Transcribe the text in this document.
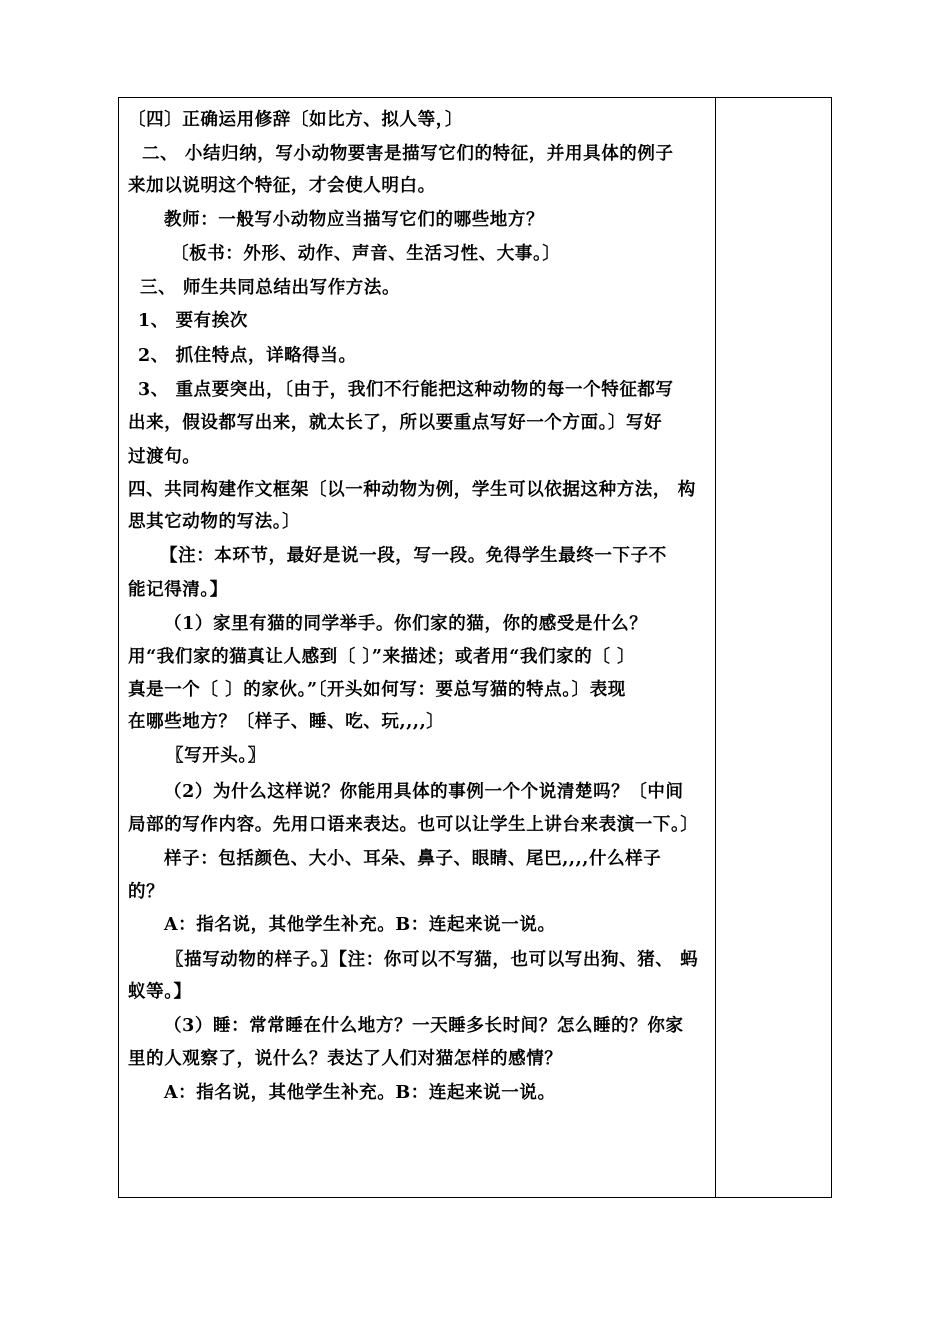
〔四〕正确运用修辞〔如比方、拟人等，〕
二、 小结归纳，写小动物要害是描写它们的特征，并用具体的例子
来加以说明这个特征，才会使人明白。
教师：一般写小动物应当描写它们的哪些地方？
〔板书：外形、动作、声音、生活习性、大事。〕
三、 师生共同总结出写作方法。
1、 要有挨次
2、 抓住特点，详略得当。
3、 重点要突出，〔由于，我们不行能把这种动物的每一个特征都写
出来，假设都写出来，就太长了，所以要重点写好一个方面。〕写好
过渡句。
四、共同构建作文框架〔以一种动物为例，学生可以依据这种方法， 构
思其它动物的写法。〕
【注：本环节，最好是说一段，写一段。免得学生最终一下子不
能记得清。】
（1）家里有猫的同学举手。你们家的猫，你的感受是什么？
用“我们家的猫真让人感到〔 〕”来描述；或者用“我们家的〔 〕
真是一个〔 〕的家伙。”〔开头如何写：要总写猫的特点。〕表现
在哪些地方？〔样子、睡、吃、玩,,,,〕
〖写开头。〗
（2）为什么这样说？你能用具体的事例一个个说清楚吗？〔中间
局部的写作内容。先用口语来表达。也可以让学生上讲台来表演一下。〕
样子：包括颜色、大小、耳朵、鼻子、眼睛、尾巴,,,,什么样子
的？
A：指名说，其他学生补充。B：连起来说一说。
〖描写动物的样子。〗【注：你可以不写猫，也可以写出狗、猪、 蚂
蚁等。】
（3）睡：常常睡在什么地方？一天睡多长时间？怎么睡的？你家
里的人观察了，说什么？表达了人们对猫怎样的感情？
A：指名说，其他学生补充。B：连起来说一说。
